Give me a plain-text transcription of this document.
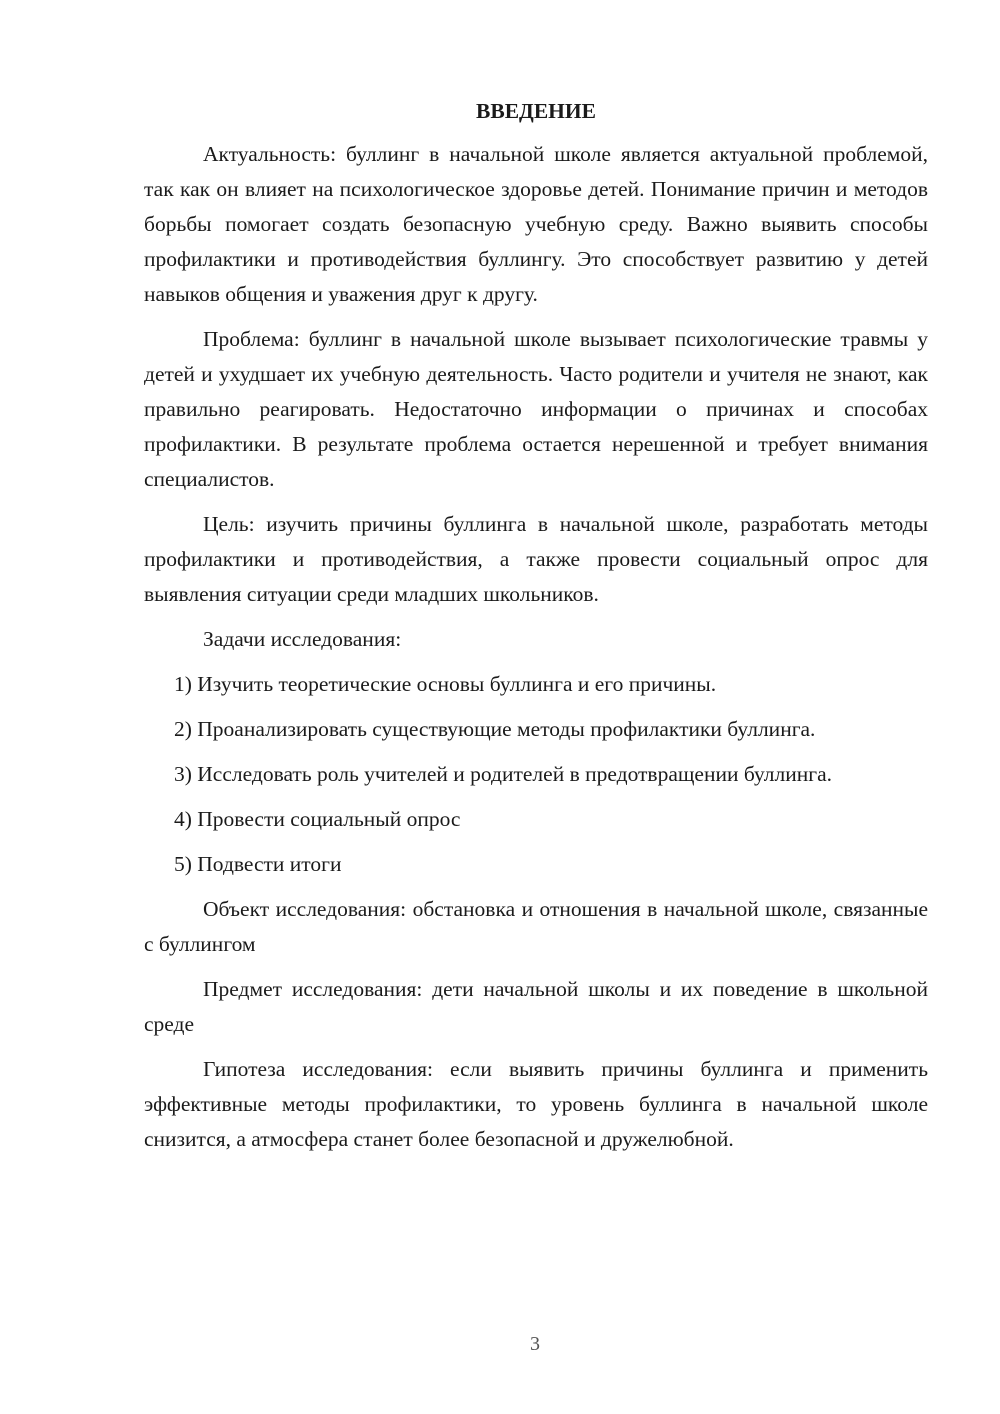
ВВЕДЕНИЕ

Актуальность: буллинг в начальной школе является актуальной проблемой, так как он влияет на психологическое здоровье детей. Понимание причин и методов борьбы помогает создать безопасную учебную среду. Важно выявить способы профилактики и противодействия буллингу. Это способствует развитию у детей навыков общения и уважения друг к другу.

Проблема: буллинг в начальной школе вызывает психологические травмы у детей и ухудшает их учебную деятельность. Часто родители и учителя не знают, как правильно реагировать. Недостаточно информации о причинах и способах профилактики. В результате проблема остается нерешенной и требует внимания специалистов.

Цель: изучить причины буллинга в начальной школе, разработать методы профилактики и противодействия, а также провести социальный опрос для выявления ситуации среди младших школьников.

Задачи исследования:

1) Изучить теоретические основы буллинга и его причины.

2) Проанализировать существующие методы профилактики буллинга.

3) Исследовать роль учителей и родителей в предотвращении буллинга.

4) Провести социальный опрос

5) Подвести итоги

Объект исследования: обстановка и отношения в начальной школе, связанные с буллингом

Предмет исследования: дети начальной школы и их поведение в школьной среде

Гипотеза исследования: если выявить причины буллинга и применить эффективные методы профилактики, то уровень буллинга в начальной школе снизится, а атмосфера станет более безопасной и дружелюбной.

3
